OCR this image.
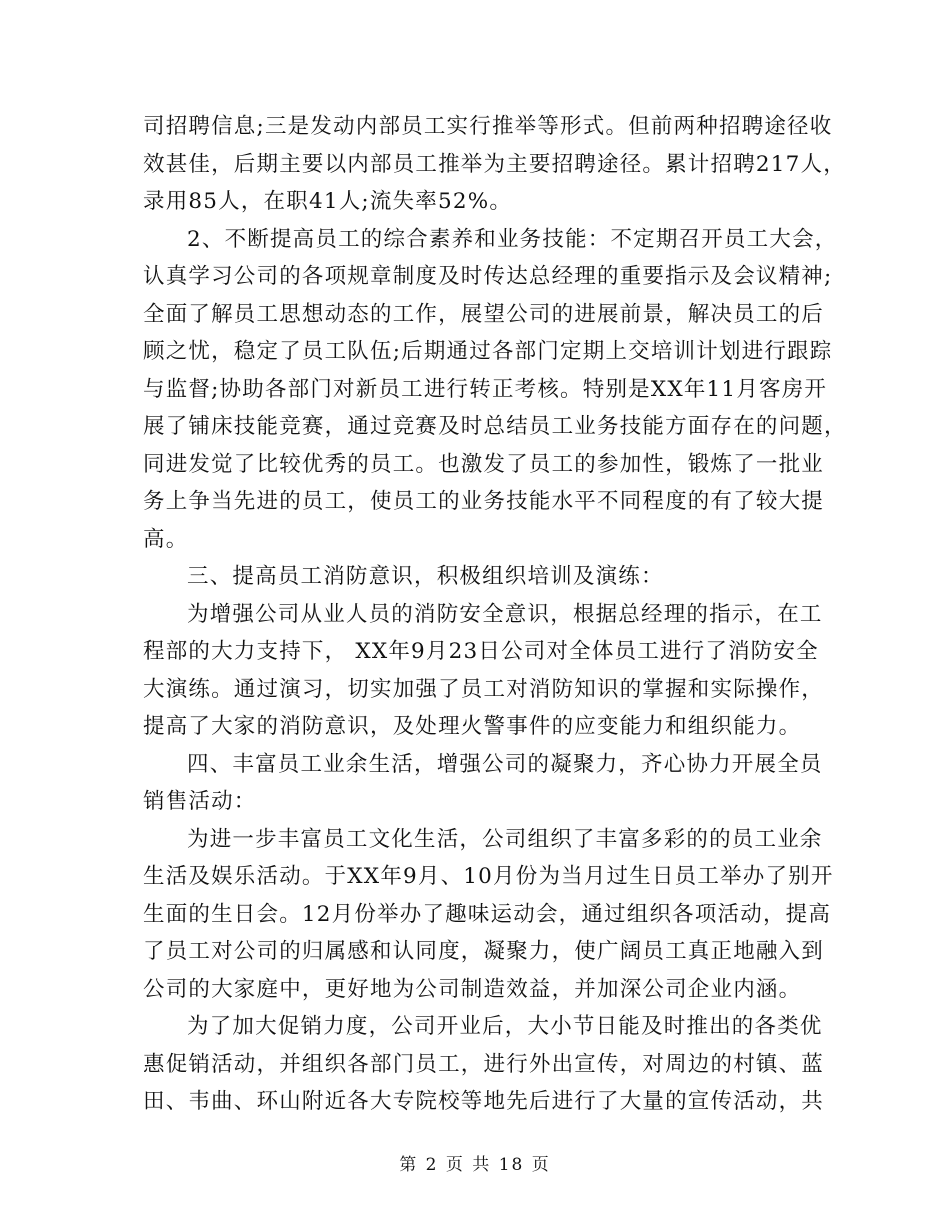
司招聘信息;三是发动内部员工实行推举等形式。但前两种招聘途径收
效甚佳，后期主要以内部员工推举为主要招聘途径。累计招聘217人，
录用85人，在职41人;流失率52%。
2、不断提高员工的综合素养和业务技能：不定期召开员工大会，
认真学习公司的各项规章制度及时传达总经理的重要指示及会议精神;
全面了解员工思想动态的工作，展望公司的进展前景，解决员工的后
顾之忧，稳定了员工队伍;后期通过各部门定期上交培训计划进行跟踪
与监督;协助各部门对新员工进行转正考核。特别是XX年11月客房开
展了铺床技能竞赛，通过竞赛及时总结员工业务技能方面存在的问题，
同进发觉了比较优秀的员工。也激发了员工的参加性，锻炼了一批业
务上争当先进的员工，使员工的业务技能水平不同程度的有了较大提
高。
三、提高员工消防意识，积极组织培训及演练：
为增强公司从业人员的消防安全意识，根据总经理的指示，在工
程部的大力支持下， XX年9月23日公司对全体员工进行了消防安全
大演练。通过演习，切实加强了员工对消防知识的掌握和实际操作，
提高了大家的消防意识，及处理火警事件的应变能力和组织能力。
四、丰富员工业余生活，增强公司的凝聚力，齐心协力开展全员
销售活动：
为进一步丰富员工文化生活，公司组织了丰富多彩的的员工业余
生活及娱乐活动。于XX年9月、10月份为当月过生日员工举办了别开
生面的生日会。12月份举办了趣味运动会，通过组织各项活动，提高
了员工对公司的归属感和认同度，凝聚力，使广阔员工真正地融入到
公司的大家庭中，更好地为公司制造效益，并加深公司企业内涵。
为了加大促销力度，公司开业后，大小节日能及时推出的各类优
惠促销活动，并组织各部门员工，进行外出宣传，对周边的村镇、蓝
田、韦曲、环山附近各大专院校等地先后进行了大量的宣传活动，共
第 2 页 共 18 页
